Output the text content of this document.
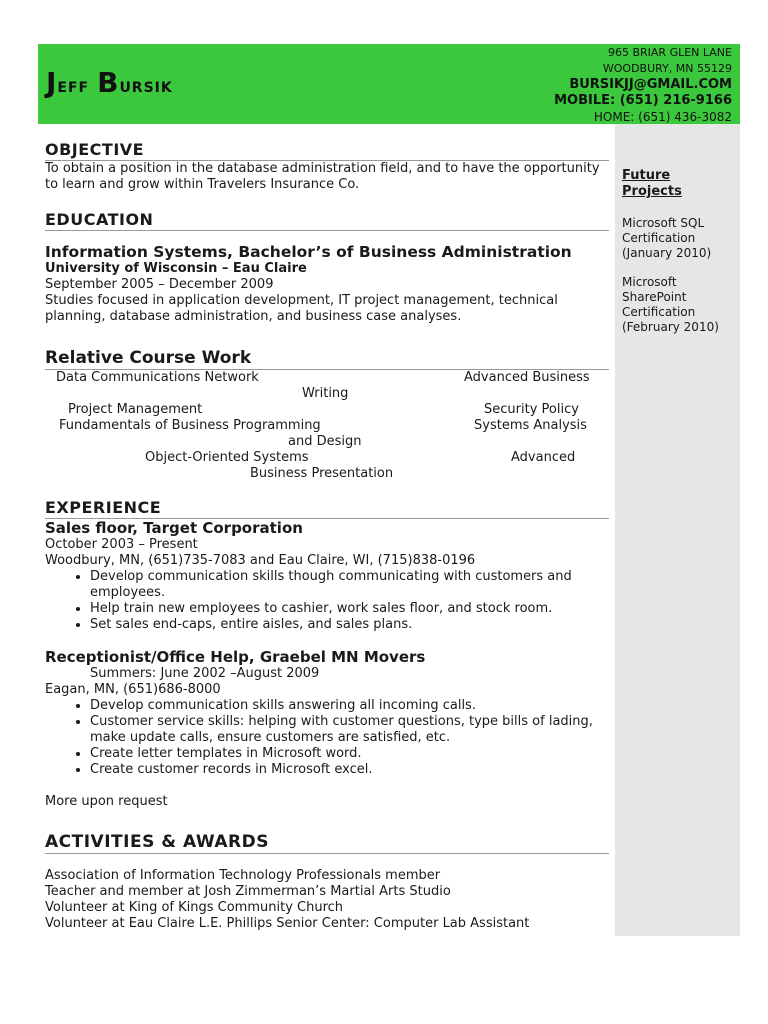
Jeff Bursik
965 BRIAR GLEN LANE
WOODBURY, MN 55129
BURSIKJJ@GMAIL.COM
MOBILE: (651) 216-9166
HOME: (651) 436-3082
Future Projects

Microsoft SQL Certification (January 2010)

Microsoft SharePoint Certification (February 2010)

OBJECTIVE

To obtain a position in the database administration field, and to have the opportunity to learn and grow within Travelers Insurance Co.

EDUCATION

Information Systems, Bachelor’s of Business Administration

University of Wisconsin – Eau Claire

September 2005 – December 2009

Studies focused in application development, IT project management, technical planning, database administration, and business case analyses.

Relative Course Work
Data Communications Network	Advanced Business
Writing
Project Management	Security Policy
Fundamentals of Business Programming	Systems Analysis
and Design
Object-Oriented Systems	Advanced
Business Presentation
EXPERIENCE

Sales floor, Target Corporation

October 2003 – Present

Woodbury, MN, (651)735-7083 and Eau Claire, WI, (715)838-0196

• Develop communication skills though communicating with customers and employees.
• Help train new employees to cashier, work sales floor, and stock room.
• Set sales end-caps, entire aisles, and sales plans.

Receptionist/Office Help, Graebel MN Movers

Summers: June 2002 –August 2009

Eagan, MN, (651)686-8000

• Develop communication skills answering all incoming calls.
• Customer service skills: helping with customer questions, type bills of lading, make update calls, ensure customers are satisfied, etc.
• Create letter templates in Microsoft word.
• Create customer records in Microsoft excel.

More upon request

ACTIVITIES & AWARDS

Association of Information Technology Professionals member

Teacher and member at Josh Zimmerman’s Martial Arts Studio

Volunteer at King of Kings Community Church

Volunteer at Eau Claire L.E. Phillips Senior Center: Computer Lab Assistant
